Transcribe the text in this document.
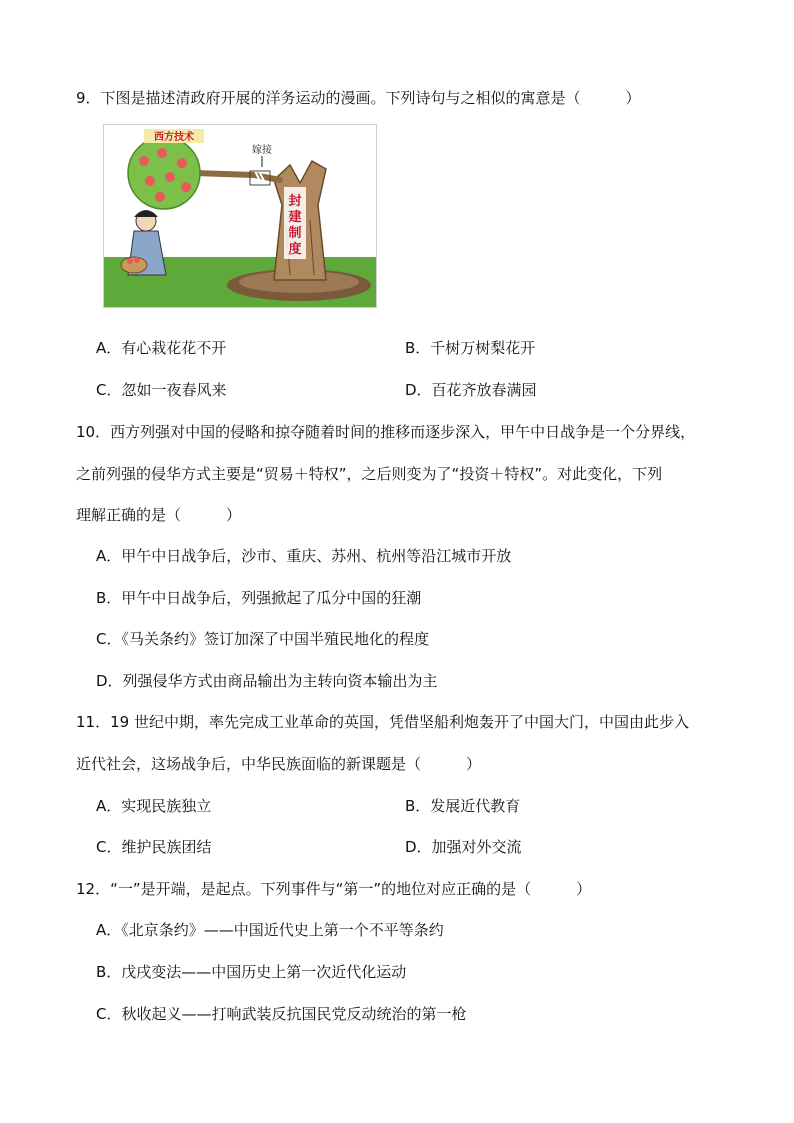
9．下图是描述清政府开展的洋务运动的漫画。下列诗句与之相似的寓意是（　　　）
封建制度
嫁接
西方技术
A．有心栽花花不开	B．千树万树梨花开
C．忽如一夜春风来	D．百花齐放春满园
10．西方列强对中国的侵略和掠夺随着时间的推移而逐步深入，甲午中日战争是一个分界线，
之前列强的侵华方式主要是“贸易＋特权”，之后则变为了“投资＋特权”。对此变化，下列
理解正确的是（　　　）
A．甲午中日战争后，沙市、重庆、苏州、杭州等沿江城市开放
B．甲午中日战争后，列强掀起了瓜分中国的狂潮
C．《马关条约》签订加深了中国半殖民地化的程度
D．列强侵华方式由商品输出为主转向资本输出为主
11．19 世纪中期，率先完成工业革命的英国，凭借坚船利炮轰开了中国大门，中国由此步入
近代社会，这场战争后，中华民族面临的新课题是（　　　）
A．实现民族独立	B．发展近代教育
C．维护民族团结	D．加强对外交流
12．“一”是开端，是起点。下列事件与“第一”的地位对应正确的是（　　　）
A．《北京条约》——中国近代史上第一个不平等条约
B．戊戌变法——中国历史上第一次近代化运动
C．秋收起义——打响武装反抗国民党反动统治的第一枪
